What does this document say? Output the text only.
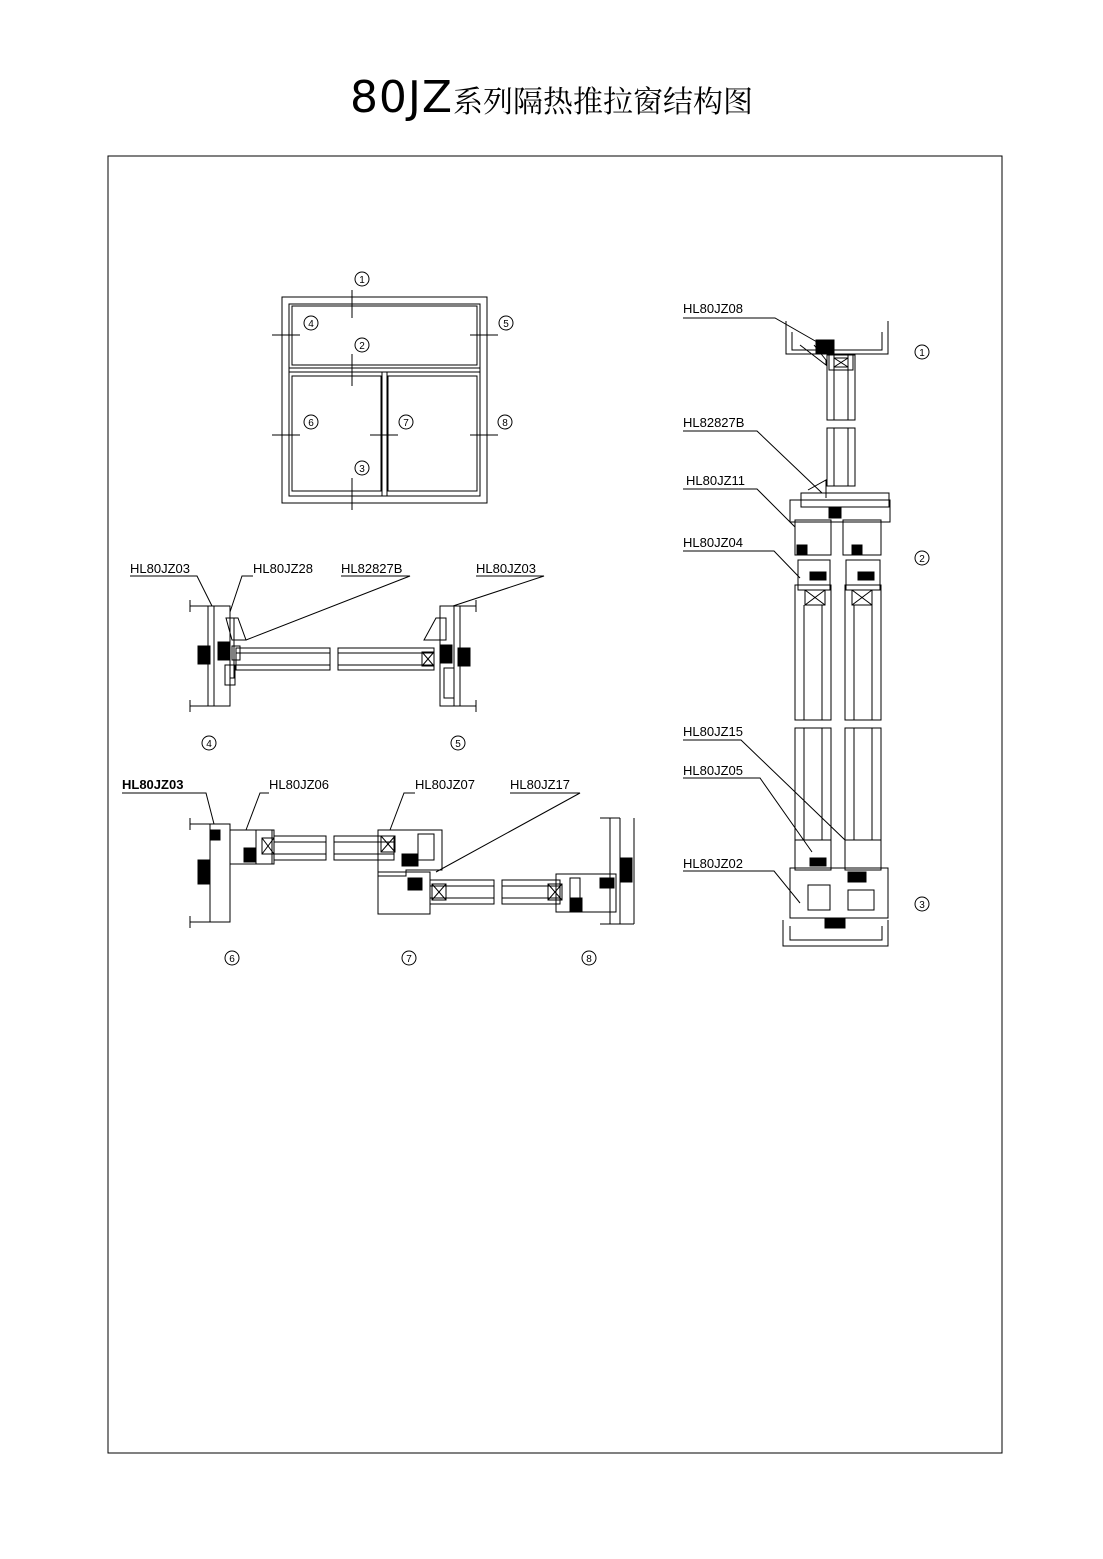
80JZ系列隔热推拉窗结构图
1
2
3
4	5
6	7	8
HL80JZ08
HL82827B
HL80JZ11
HL80JZ04
HL80JZ15
HL80JZ05
HL80JZ02
1
2
3
HL80JZ03	HL80JZ28 HL82827B	HL80JZ03
4	5
HL80JZ03	HL80JZ06	HL80JZ07	HL80JZ17
6	7	8
